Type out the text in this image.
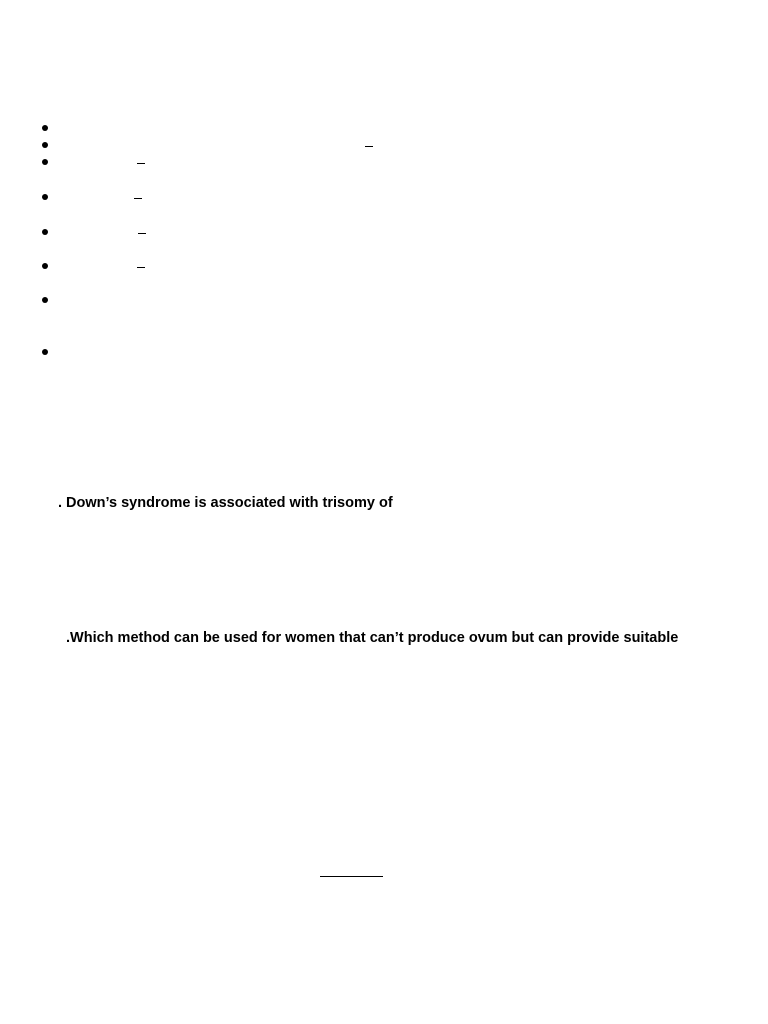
. Down’s syndrome is associated with trisomy of

.Which method can be used for women that can’t produce ovum but can provide suitable
